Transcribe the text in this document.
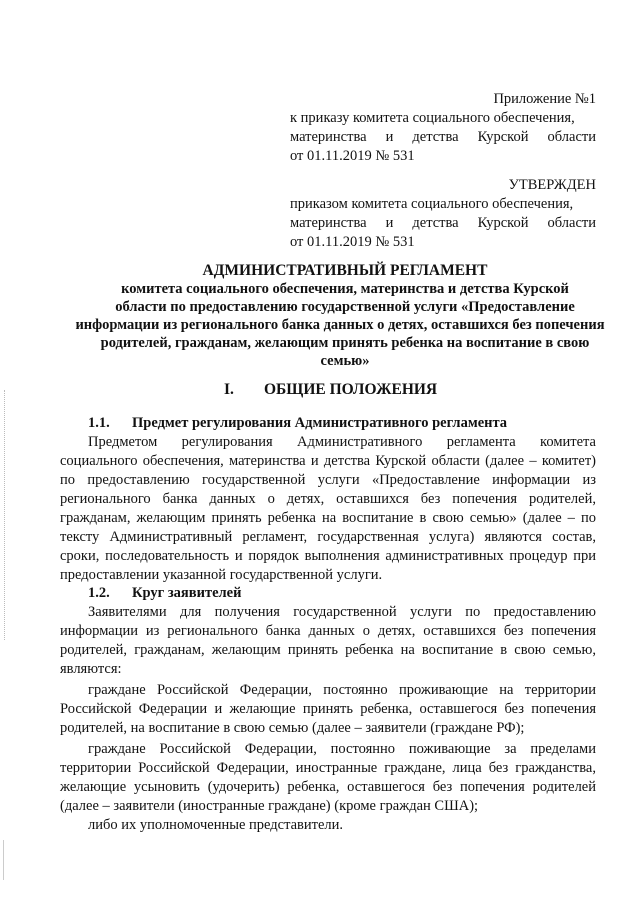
Приложение №1
к приказу комитета социального обеспечения,
материнства и детства Курской области
от 01.11.2019 № 531
УТВЕРЖДЕН
приказом комитета социального обеспечения,
материнства и детства Курской области
от 01.11.2019 № 531
АДМИНИСТРАТИВНЫЙ РЕГЛАМЕНТ
комитета социального обеспечения, материнства и детства Курской
области по предоставлению государственной услуги «Предоставление
информации из регионального банка данных о детях, оставшихся без попечения
родителей, гражданам, желающим принять ребенка на воспитание в свою
семью»
I. ОБЩИЕ ПОЛОЖЕНИЯ
1.1. Предмет регулирования Административного регламента
Предметом регулирования Административного регламента комитета
социального обеспечения, материнства и детства Курской области (далее – комитет)
по предоставлению государственной услуги «Предоставление информации из
регионального банка данных о детях, оставшихся без попечения родителей,
гражданам, желающим принять ребенка на воспитание в свою семью» (далее – по
тексту Административный регламент, государственная услуга) являются состав,
сроки, последовательность и порядок выполнения административных процедур при
предоставлении указанной государственной услуги.
1.2. Круг заявителей
Заявителями для получения государственной услуги по предоставлению
информации из регионального банка данных о детях, оставшихся без попечения
родителей, гражданам, желающим принять ребенка на воспитание в свою семью,
являются:
граждане Российской Федерации, постоянно проживающие на территории
Российской Федерации и желающие принять ребенка, оставшегося без попечения
родителей, на воспитание в свою семью (далее – заявители (граждане РФ);
граждане Российской Федерации, постоянно поживающие за пределами
территории Российской Федерации, иностранные граждане, лица без гражданства,
желающие усыновить (удочерить) ребенка, оставшегося без попечения родителей
(далее – заявители (иностранные граждане) (кроме граждан США);
либо их уполномоченные представители.
